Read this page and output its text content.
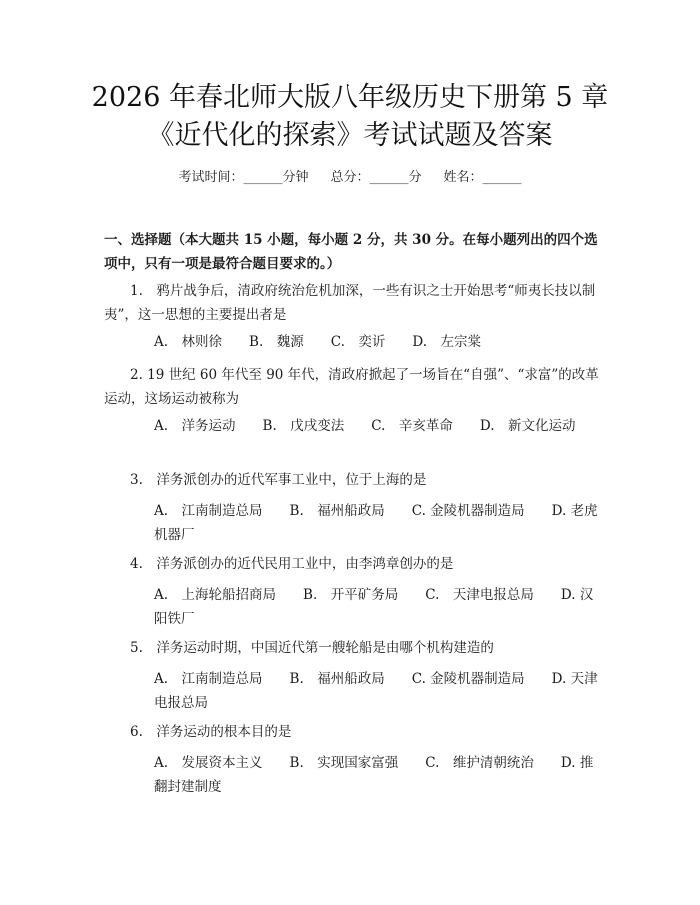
2026 年春北师大版八年级历史下册第 5 章
《近代化的探索》考试试题及答案
考试时间：______分钟 总分：______分 姓名：______
一、选择题（本大题共 15 小题，每小题 2 分，共 30 分。在每小题列出的四个选项中，只有一项是最符合题目要求的。）
1.　鸦片战争后，清政府统治危机加深，一些有识之士开始思考“师夷长技以制夷”，这一思想的主要提出者是
A.　林则徐　　B.　魏源　　C.　奕䜣　　D.　左宗棠
2. 19 世纪 60 年代至 90 年代，清政府掀起了一场旨在“自强”、“求富”的改革运动，这场运动被称为
A.　洋务运动　　B.　戊戌变法　　C.　辛亥革命　　D.　新文化运动
3.　洋务派创办的近代军事工业中，位于上海的是
A.　江南制造总局　　B.　福州船政局　　C. 金陵机器制造局　　D. 老虎机器厂
4.　洋务派创办的近代民用工业中，由李鸿章创办的是
A.　上海轮船招商局　　B.　开平矿务局　　C.　天津电报总局　　D. 汉阳铁厂
5.　洋务运动时期，中国近代第一艘轮船是由哪个机构建造的
A.　江南制造总局　　B.　福州船政局　　C. 金陵机器制造局　　D. 天津电报总局
6.　洋务运动的根本目的是
A.　发展资本主义　　B.　实现国家富强　　C.　维护清朝统治　　D. 推翻封建制度
